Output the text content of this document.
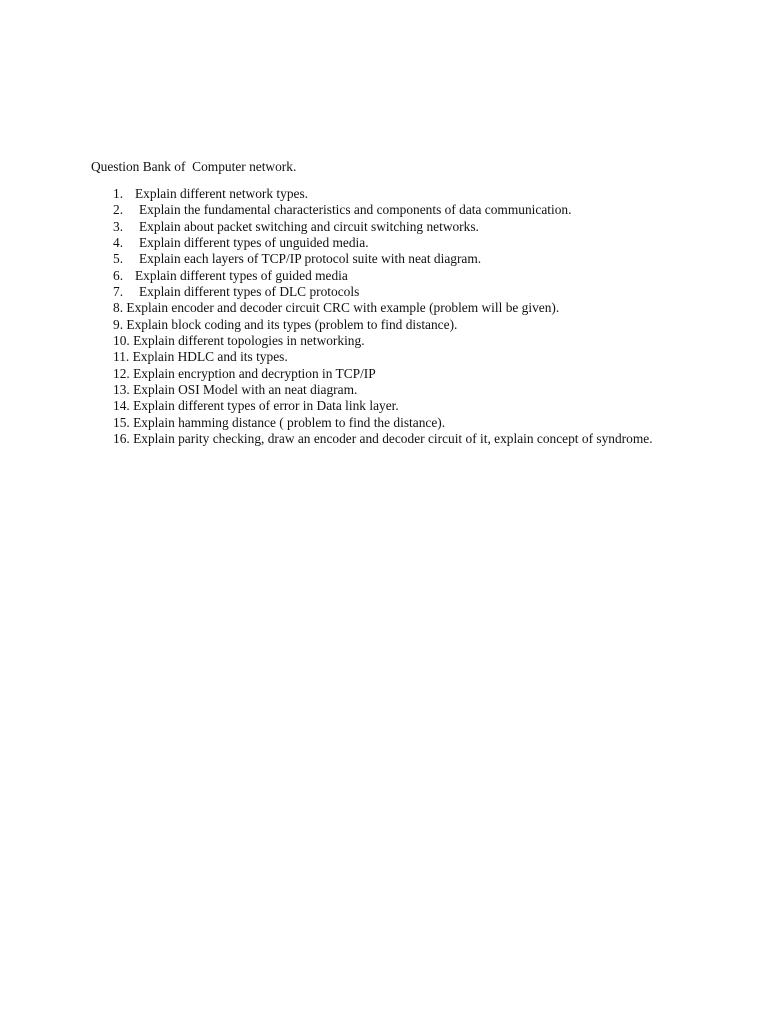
Question Bank of  Computer network.
1. Explain different network types.
2. Explain the fundamental characteristics and components of data communication.
3. Explain about packet switching and circuit switching networks.
4. Explain different types of unguided media.
5. Explain each layers of TCP/IP protocol suite with neat diagram.
6. Explain different types of guided media
7. Explain different types of DLC protocols
8. Explain encoder and decoder circuit CRC with example (problem will be given).
9. Explain block coding and its types (problem to find distance).
10. Explain different topologies in networking.
11. Explain HDLC and its types.
12. Explain encryption and decryption in TCP/IP
13. Explain OSI Model with an neat diagram.
14. Explain different types of error in Data link layer.
15. Explain hamming distance ( problem to find the distance).
16. Explain parity checking, draw an encoder and decoder circuit of it, explain concept of syndrome.
